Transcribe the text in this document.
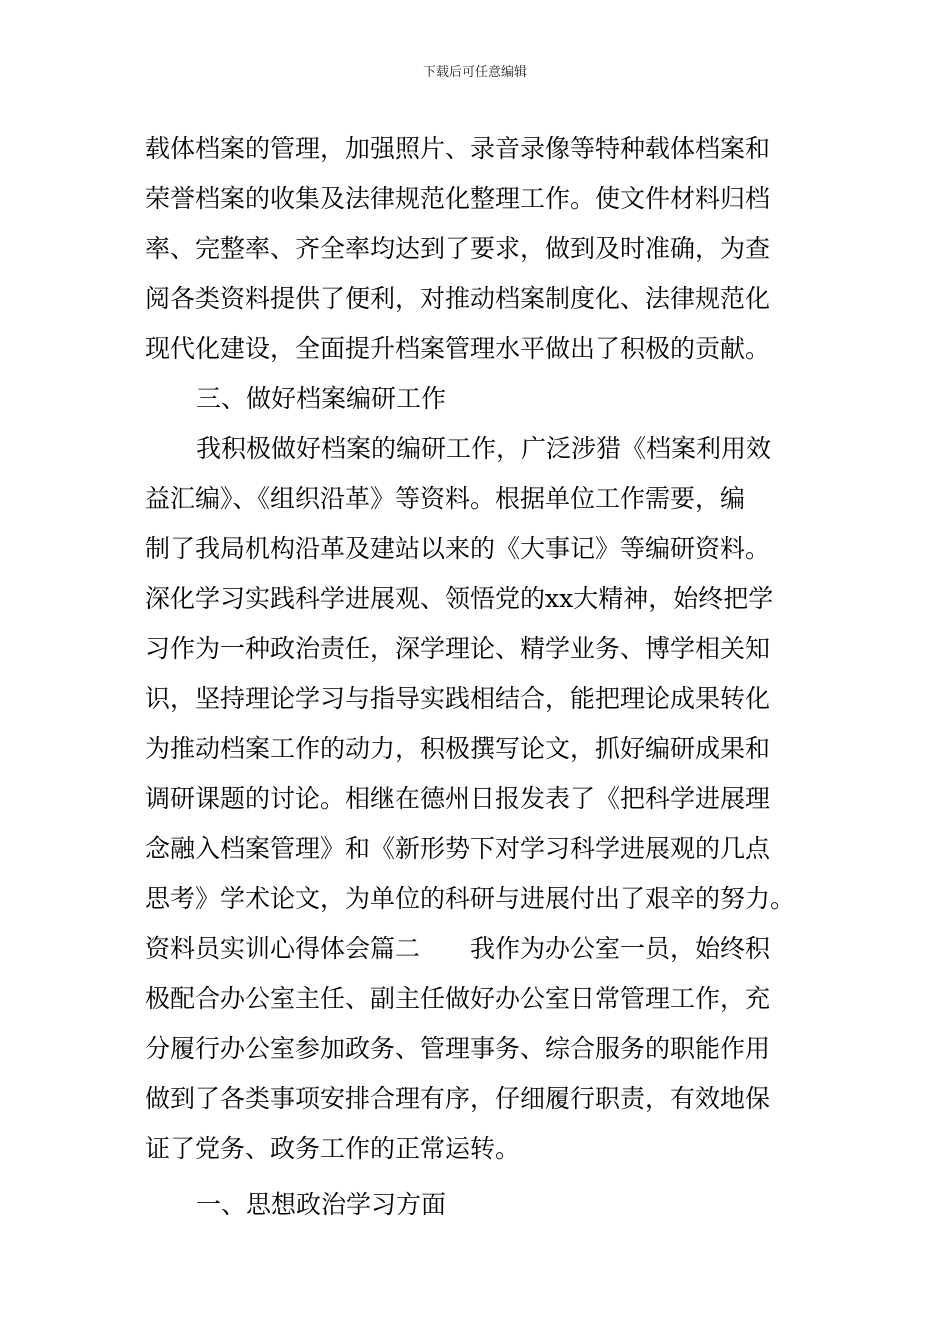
下载后可任意编辑
载体档案的管理，加强照片、录音录像等特种载体档案和
荣誉档案的收集及法律规范化整理工作。使文件材料归档
率、完整率、齐全率均达到了要求，做到及时准确，为查
阅各类资料提供了便利，对推动档案制度化、法律规范化
现代化建设，全面提升档案管理水平做出了积极的贡献。
三、做好档案编研工作
我积极做好档案的编研工作，广泛涉猎《档案利用效
益汇编》、《组织沿革》等资料。根据单位工作需要，编
制了我局机构沿革及建站以来的《大事记》等编研资料。
深化学习实践科学进展观、领悟党的xx大精神，始终把学
习作为一种政治责任，深学理论、精学业务、博学相关知
识，坚持理论学习与指导实践相结合，能把理论成果转化
为推动档案工作的动力，积极撰写论文，抓好编研成果和
调研课题的讨论。相继在德州日报发表了《把科学进展理
念融入档案管理》和《新形势下对学习科学进展观的几点
思考》学术论文，为单位的科研与进展付出了艰辛的努力。
资料员实训心得体会篇二　　我作为办公室一员，始终积
极配合办公室主任、副主任做好办公室日常管理工作，充
分履行办公室参加政务、管理事务、综合服务的职能作用
做到了各类事项安排合理有序，仔细履行职责，有效地保
证了党务、政务工作的正常运转。
一、思想政治学习方面
